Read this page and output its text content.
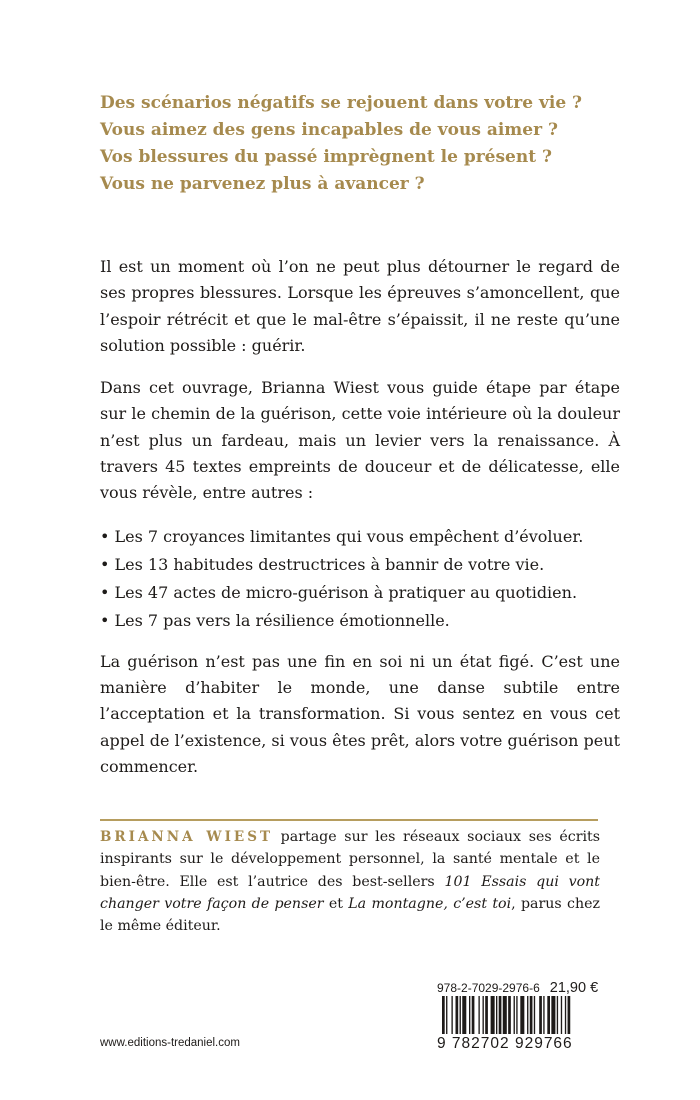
Des scénarios négatifs se rejouent dans votre vie ?
Vous aimez des gens incapables de vous aimer ?
Vos blessures du passé imprègnent le présent ?
Vous ne parvenez plus à avancer ?

Il est un moment où l’on ne peut plus détourner le regard de ses propres blessures. Lorsque les épreuves s’amoncellent, que l’espoir rétrécit et que le mal-être s’épaissit, il ne reste qu’une solution possible : guérir.

Dans cet ouvrage, Brianna Wiest vous guide étape par étape sur le chemin de la guérison, cette voie intérieure où la douleur n’est plus un fardeau, mais un levier vers la renaissance. À travers 45 textes empreints de douceur et de délicatesse, elle vous révèle, entre autres :

• Les 7 croyances limitantes qui vous empêchent d’évoluer.
• Les 13 habitudes destructrices à bannir de votre vie.
• Les 47 actes de micro-guérison à pratiquer au quotidien.
• Les 7 pas vers la résilience émotionnelle.

La guérison n’est pas une fin en soi ni un état figé. C’est une manière d’habiter le monde, une danse subtile entre l’acceptation et la transformation. Si vous sentez en vous cet appel de l’existence, si vous êtes prêt, alors votre guérison peut commencer.

BRIANNA WIEST partage sur les réseaux sociaux ses écrits inspirants sur le développement personnel, la santé mentale et le bien-être. Elle est l’autrice des best-sellers 101 Essais qui vont changer votre façon de penser et La montagne, c’est toi, parus chez le même éditeur.
978-2-7029-2976-6 21,90 €
9 782702 929766
www.editions-tredaniel.com
